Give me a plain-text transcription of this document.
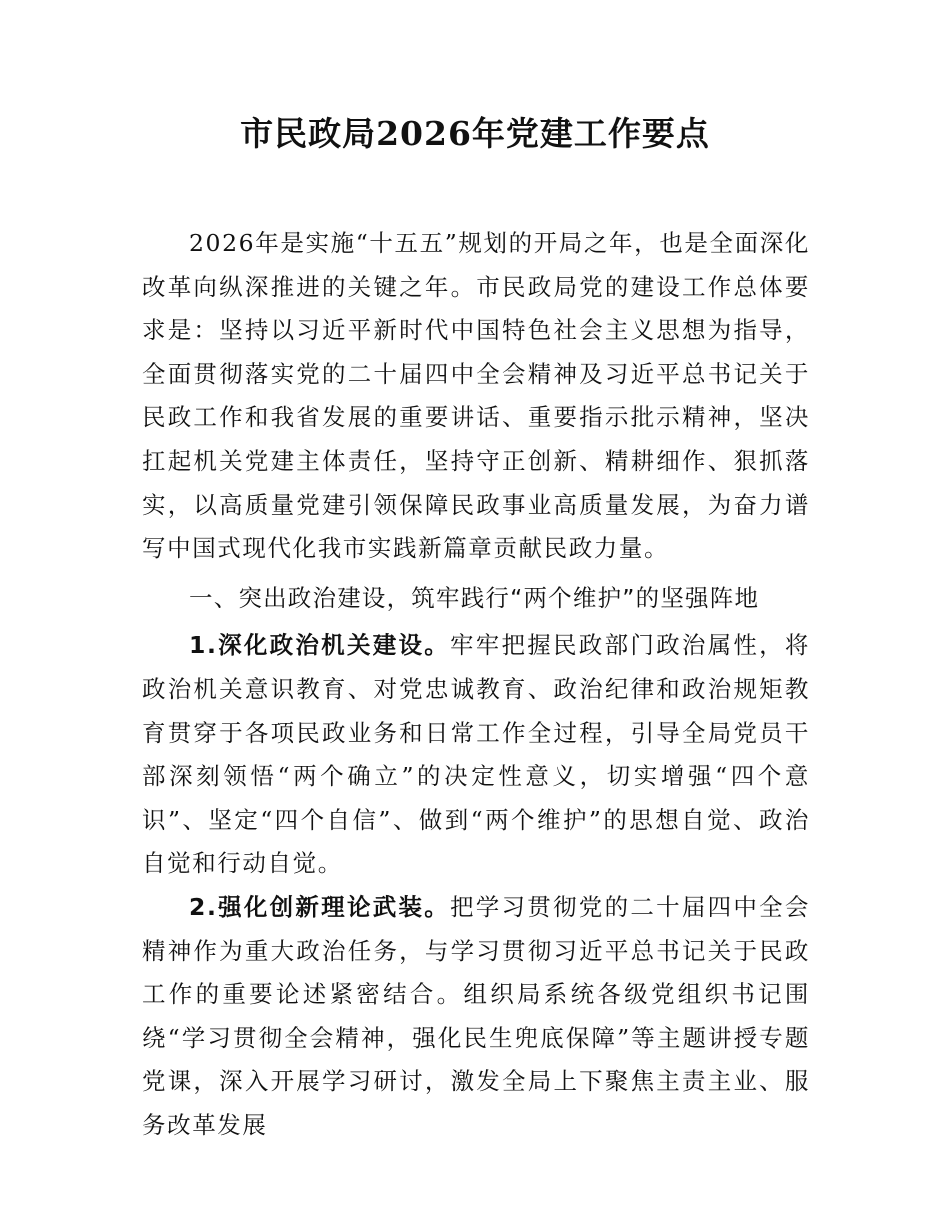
市民政局2026年党建工作要点

2026年是实施“十五五”规划的开局之年，也是全面深化改革向纵深推进的关键之年。市民政局党的建设工作总体要求是：坚持以习近平新时代中国特色社会主义思想为指导，全面贯彻落实党的二十届四中全会精神及习近平总书记关于民政工作和我省发展的重要讲话、重要指示批示精神，坚决扛起机关党建主体责任，坚持守正创新、精耕细作、狠抓落实，以高质量党建引领保障民政事业高质量发展，为奋力谱写中国式现代化我市实践新篇章贡献民政力量。

一、突出政治建设，筑牢践行“两个维护”的坚强阵地

1.深化政治机关建设。牢牢把握民政部门政治属性，将政治机关意识教育、对党忠诚教育、政治纪律和政治规矩教育贯穿于各项民政业务和日常工作全过程，引导全局党员干部深刻领悟“两个确立”的决定性意义，切实增强“四个意识”、坚定“四个自信”、做到“两个维护”的思想自觉、政治自觉和行动自觉。

2.强化创新理论武装。把学习贯彻党的二十届四中全会精神作为重大政治任务，与学习贯彻习近平总书记关于民政工作的重要论述紧密结合。组织局系统各级党组织书记围绕“学习贯彻全会精神，强化民生兜底保障”等主题讲授专题党课，深入开展学习研讨，激发全局上下聚焦主责主业、服务改革发展
